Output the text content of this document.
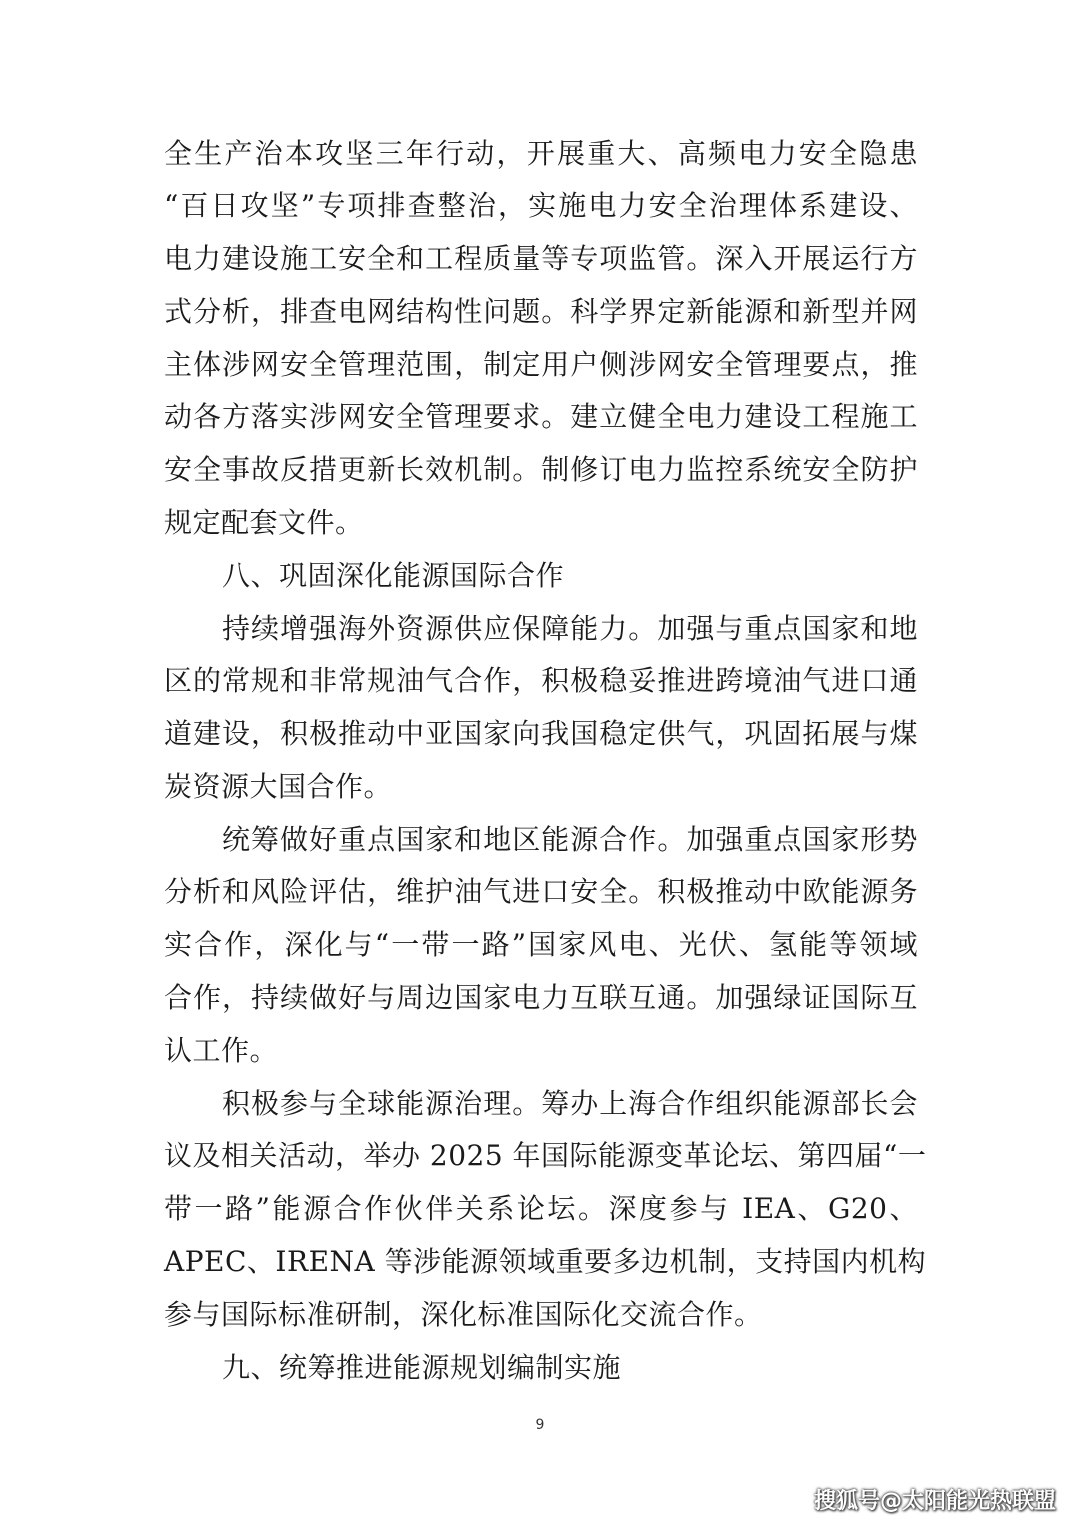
全生产治本攻坚三年行动，开展重大、高频电力安全隐患
“百日攻坚”专项排查整治，实施电力安全治理体系建设、
电力建设施工安全和工程质量等专项监管。深入开展运行方
式分析，排查电网结构性问题。科学界定新能源和新型并网
主体涉网安全管理范围，制定用户侧涉网安全管理要点，推
动各方落实涉网安全管理要求。建立健全电力建设工程施工
安全事故反措更新长效机制。制修订电力监控系统安全防护
规定配套文件。
八、巩固深化能源国际合作
持续增强海外资源供应保障能力。加强与重点国家和地
区的常规和非常规油气合作，积极稳妥推进跨境油气进口通
道建设，积极推动中亚国家向我国稳定供气，巩固拓展与煤
炭资源大国合作。
统筹做好重点国家和地区能源合作。加强重点国家形势
分析和风险评估，维护油气进口安全。积极推动中欧能源务
实合作，深化与“一带一路”国家风电、光伏、氢能等领域
合作，持续做好与周边国家电力互联互通。加强绿证国际互
认工作。
积极参与全球能源治理。筹办上海合作组织能源部长会
议及相关活动，举办 2025 年国际能源变革论坛、第四届“一
带一路”能源合作伙伴关系论坛。深度参与 IEA、G20、
APEC、IRENA 等涉能源领域重要多边机制，支持国内机构
参与国际标准研制，深化标准国际化交流合作。
九、统筹推进能源规划编制实施
9
搜狐号@太阳能光热联盟
